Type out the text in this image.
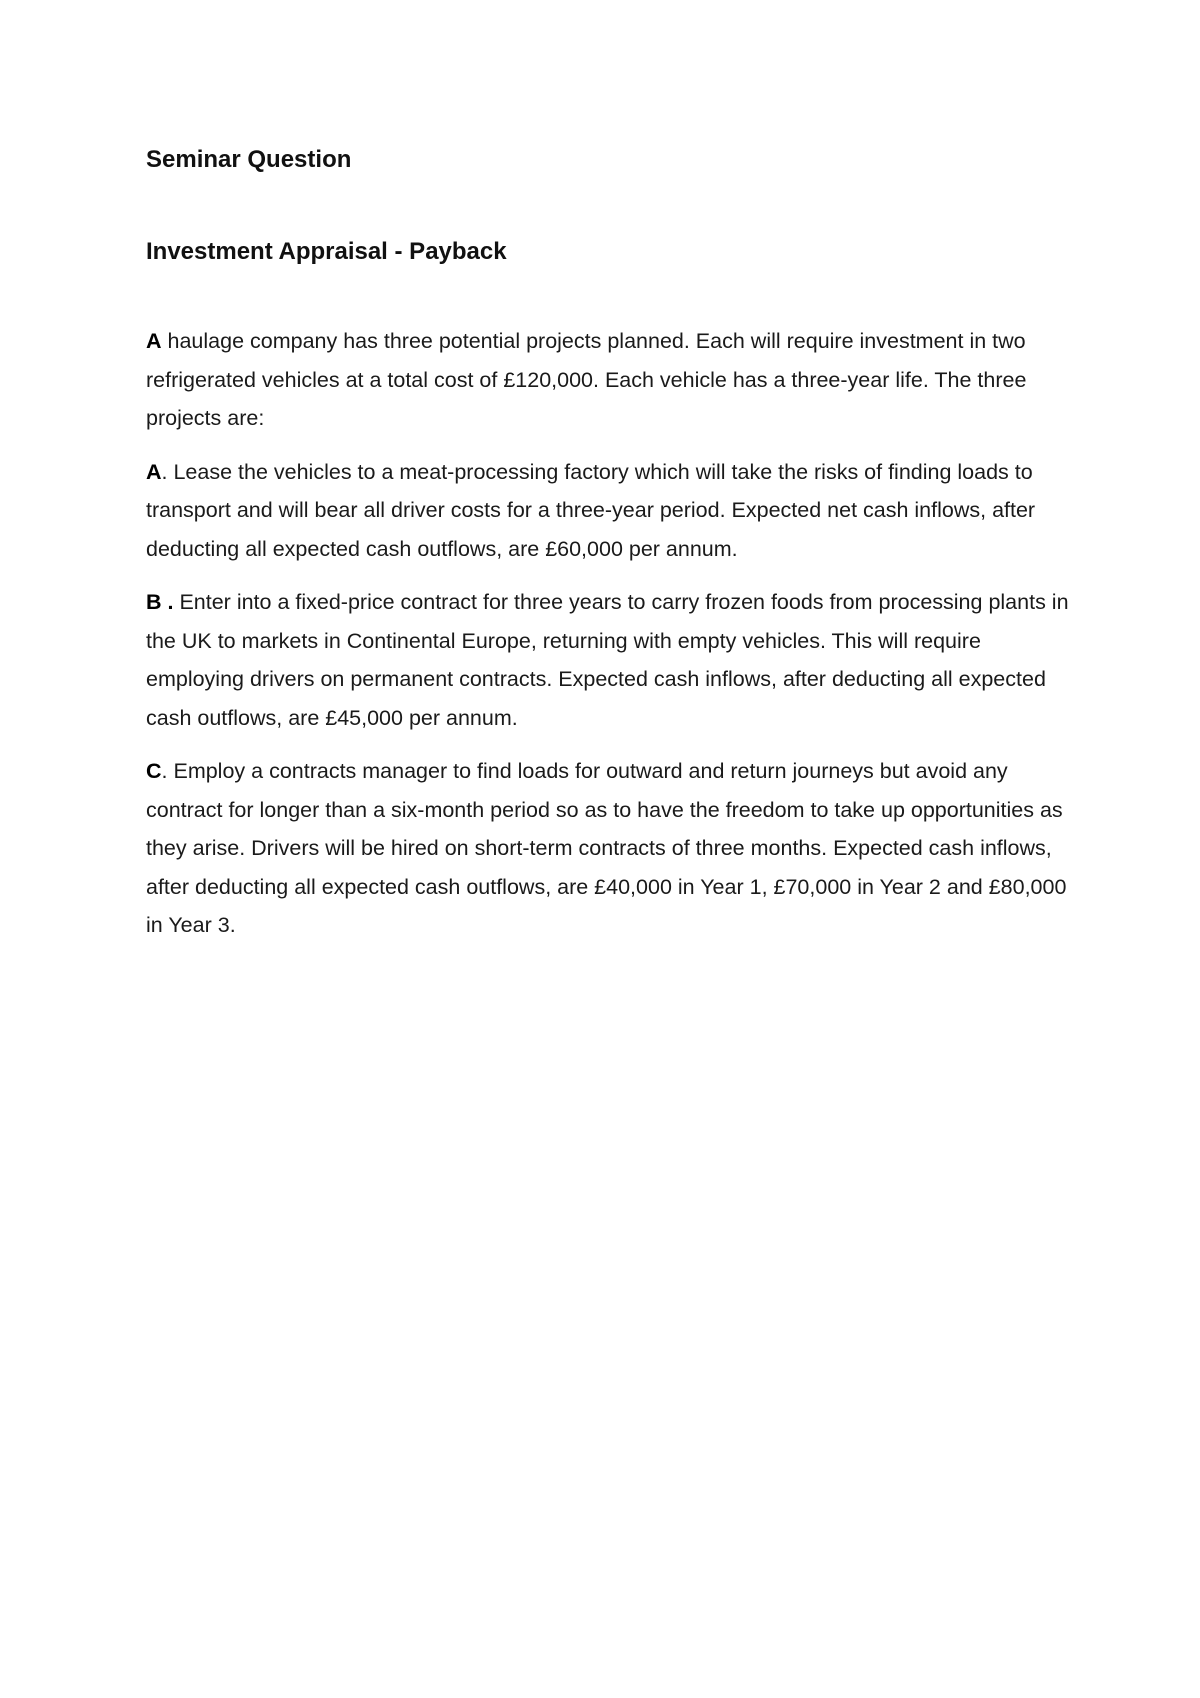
Seminar Question
Investment Appraisal - Payback

A haulage company has three potential projects planned. Each will require investment in two refrigerated vehicles at a total cost of £120,000. Each vehicle has a three-year life. The three projects are:

A. Lease the vehicles to a meat-processing factory which will take the risks of finding loads totransport and will bear all driver costs for a three-year period. Expected net cash inflows, after deducting all expected cash outflows, are £60,000 per annum.

B . Enter into a fixed-price contract for three years to carry frozen foods from processing plants in the UK to markets in Continental Europe, returning with empty vehicles. This will require employing drivers on permanent contracts. Expected cash inflows, after deducting all expected cash outflows, are £45,000 per annum.

C. Employ a contracts manager to find loads for outward and return journeys but avoid any contract for longer than a six-month period so as to have the freedom to take up opportunities as they arise. Drivers will be hired on short-term contracts of three months. Expected cash inflows, after deducting all expected cash outflows, are £40,000 in Year 1, £70,000 in Year 2 and £80,000 in Year 3.
